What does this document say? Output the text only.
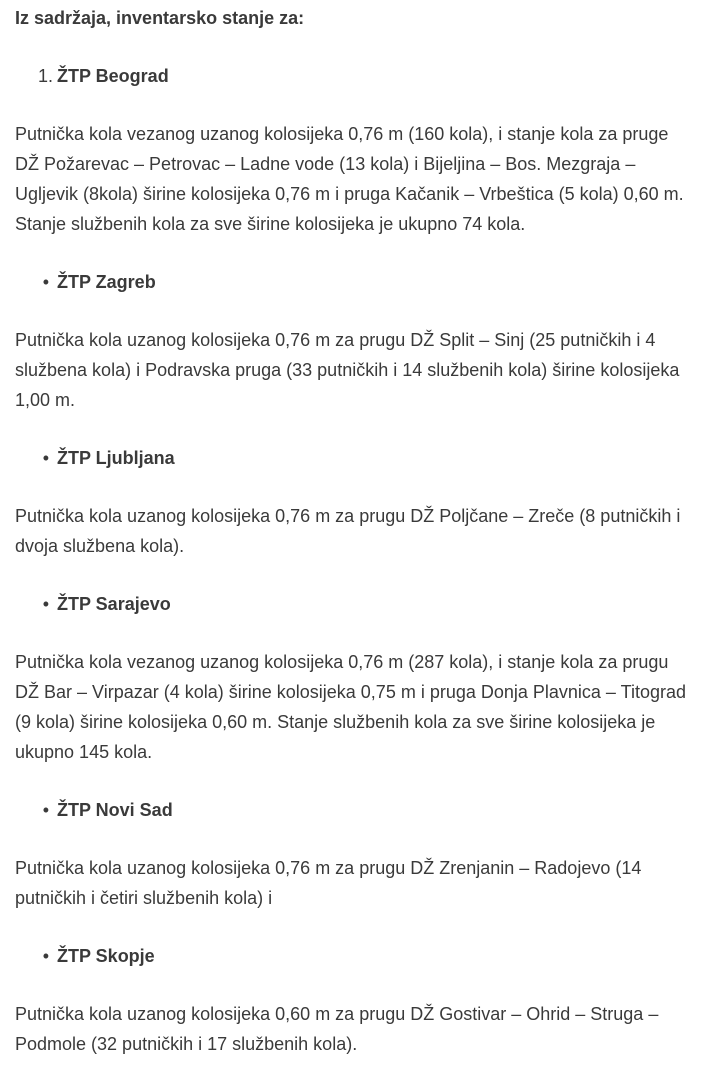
Iz sadržaja, inventarsko stanje za:

1. ŽTP Beograd

Putnička kola vezanog uzanog kolosijeka 0,76 m (160 kola), i stanje kola za pruge DŽ Požarevac – Petrovac – Ladne vode (13 kola) i Bijeljina – Bos. Mezgraja – Ugljevik (8kola) širine kolosijeka 0,76 m i pruga Kačanik – Vrbeštica (5 kola) 0,60 m. Stanje službenih kola za sve širine kolosijeka je ukupno 74 kola.

• ŽTP Zagreb

Putnička kola uzanog kolosijeka 0,76 m za prugu DŽ Split – Sinj (25 putničkih i 4 službena kola) i Podravska pruga (33 putničkih i 14 službenih kola) širine kolosijeka 1,00 m.

• ŽTP Ljubljana

Putnička kola uzanog kolosijeka 0,76 m za prugu DŽ Poljčane – Zreče (8 putničkih i dvoja službena kola).

• ŽTP Sarajevo

Putnička kola vezanog uzanog kolosijeka 0,76 m (287 kola), i stanje kola za prugu DŽ Bar – Virpazar (4 kola) širine kolosijeka 0,75 m i pruga Donja Plavnica – Titograd (9 kola) širine kolosijeka 0,60 m. Stanje službenih kola za sve širine kolosijeka je ukupno 145 kola.

• ŽTP Novi Sad

Putnička kola uzanog kolosijeka 0,76 m za prugu DŽ Zrenjanin – Radojevo (14 putničkih i četiri službenih kola) i

• ŽTP Skopje

Putnička kola uzanog kolosijeka 0,60 m za prugu DŽ Gostivar – Ohrid – Struga – Podmole (32 putničkih i 17 službenih kola).
